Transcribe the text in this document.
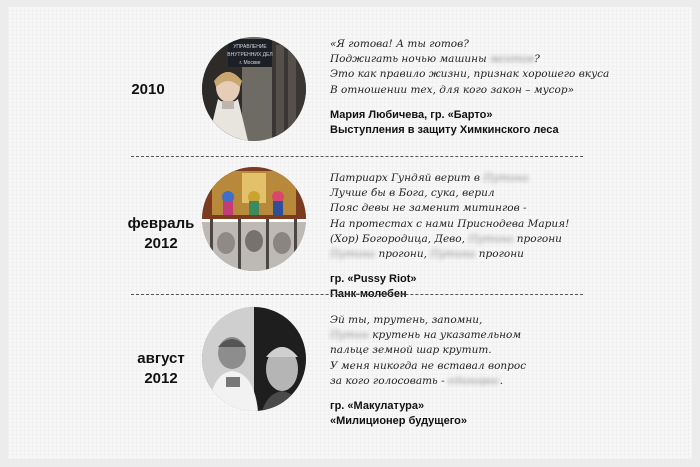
2010
УПРАВЛЕНИЕ
ВНУТРЕННИХ ДЕЛ
г. Москве

«Я готова! А ты готов?

Поджигать ночью машины ментов?

Это как правило жизни, признак хорошего вкуса

В отношении тех, для кого закон – мусор»

Мария Любичева, гр. «Барто»

Выступления в защиту Химкинского леса

февраль
2012

Патриарх Гундяй верит в Путина

Лучше бы в Бога, сука, верил

Пояс девы не заменит митингов -

На протестах с нами Приснодева Мария!

(Хор) Богородица, Дево, Путина прогони

Путина прогони, Путина прогони

гр. «Pussy Riot»

Панк-молебен

август
2012

Эй ты, трутень, запомни,

Путин крутень на указательном

пальце земной шар крутит.

У меня никогда не вставал вопрос

за кого голосовать - единорос.

гр. «Макулатура»

«Милиционер будущего»
